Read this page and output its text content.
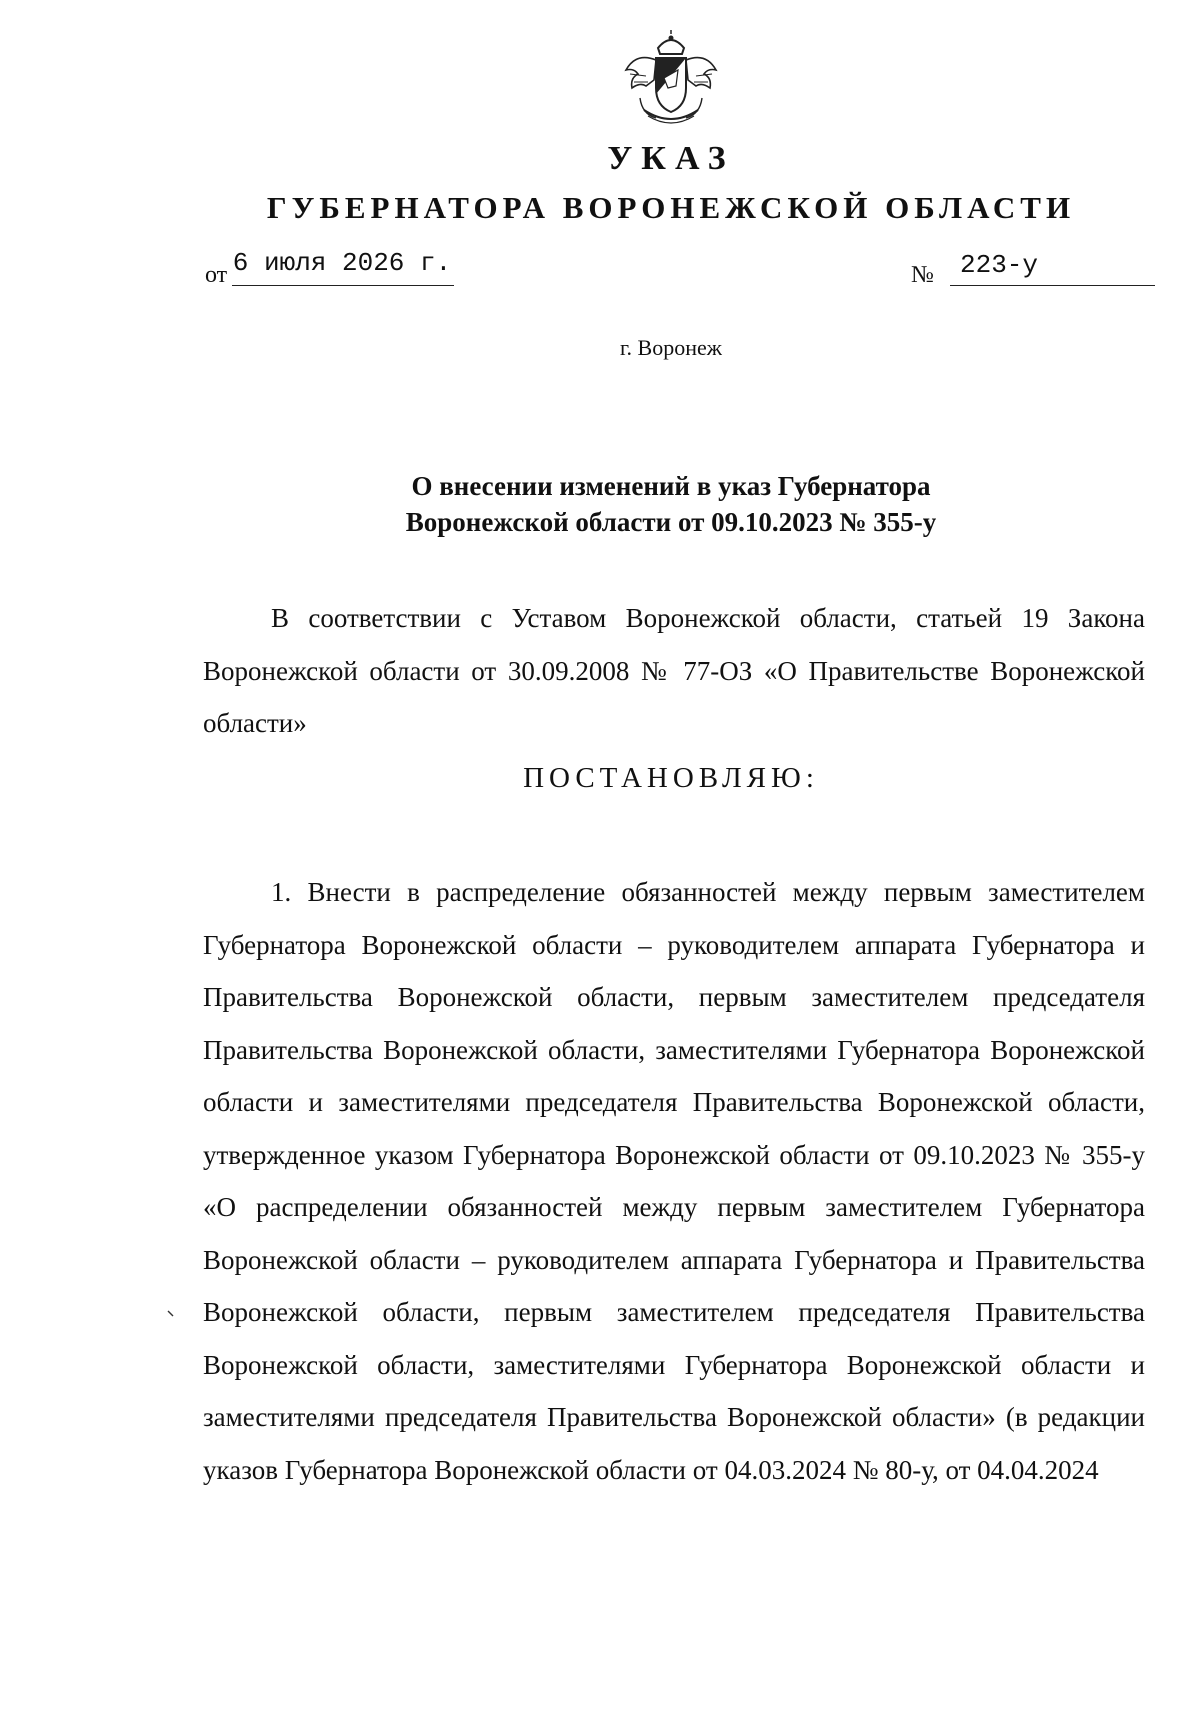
УКАЗ
ГУБЕРНАТОРА ВОРОНЕЖСКОЙ ОБЛАСТИ
от 6 июля 2026 г.	№ 223-у
г. Воронеж
О внесении изменений в указ Губернатора
Воронежской области от 09.10.2023 № 355-у

В соответствии с Уставом Воронежской области, статьей 19 Закона Воронежской области от 30.09.2008 № 77-ОЗ «О Правительстве Воронежской области»

ПОСТАНОВЛЯЮ:

1. Внести в распределение обязанностей между первым заместителем Губернатора Воронежской области – руководителем аппарата Губернатора и Правительства Воронежской области, первым заместителем председателя Правительства Воронежской области, заместителями Губернатора Воронежской области и заместителями председателя Правительства Воронежской области, утвержденное указом Губернатора Воронежской области от 09.10.2023 № 355-у «О распределении обязанностей между первым заместителем Губернатора Воронежской области – руководителем аппарата Губернатора и Правительства Воронежской области, первым заместителем председателя Правительства Воронежской области, заместителями Губернатора Воронежской области и заместителями председателя Правительства Воронежской области» (в редакции указов Губернатора Воронежской области от 04.03.2024 № 80-у, от 04.04.2024
